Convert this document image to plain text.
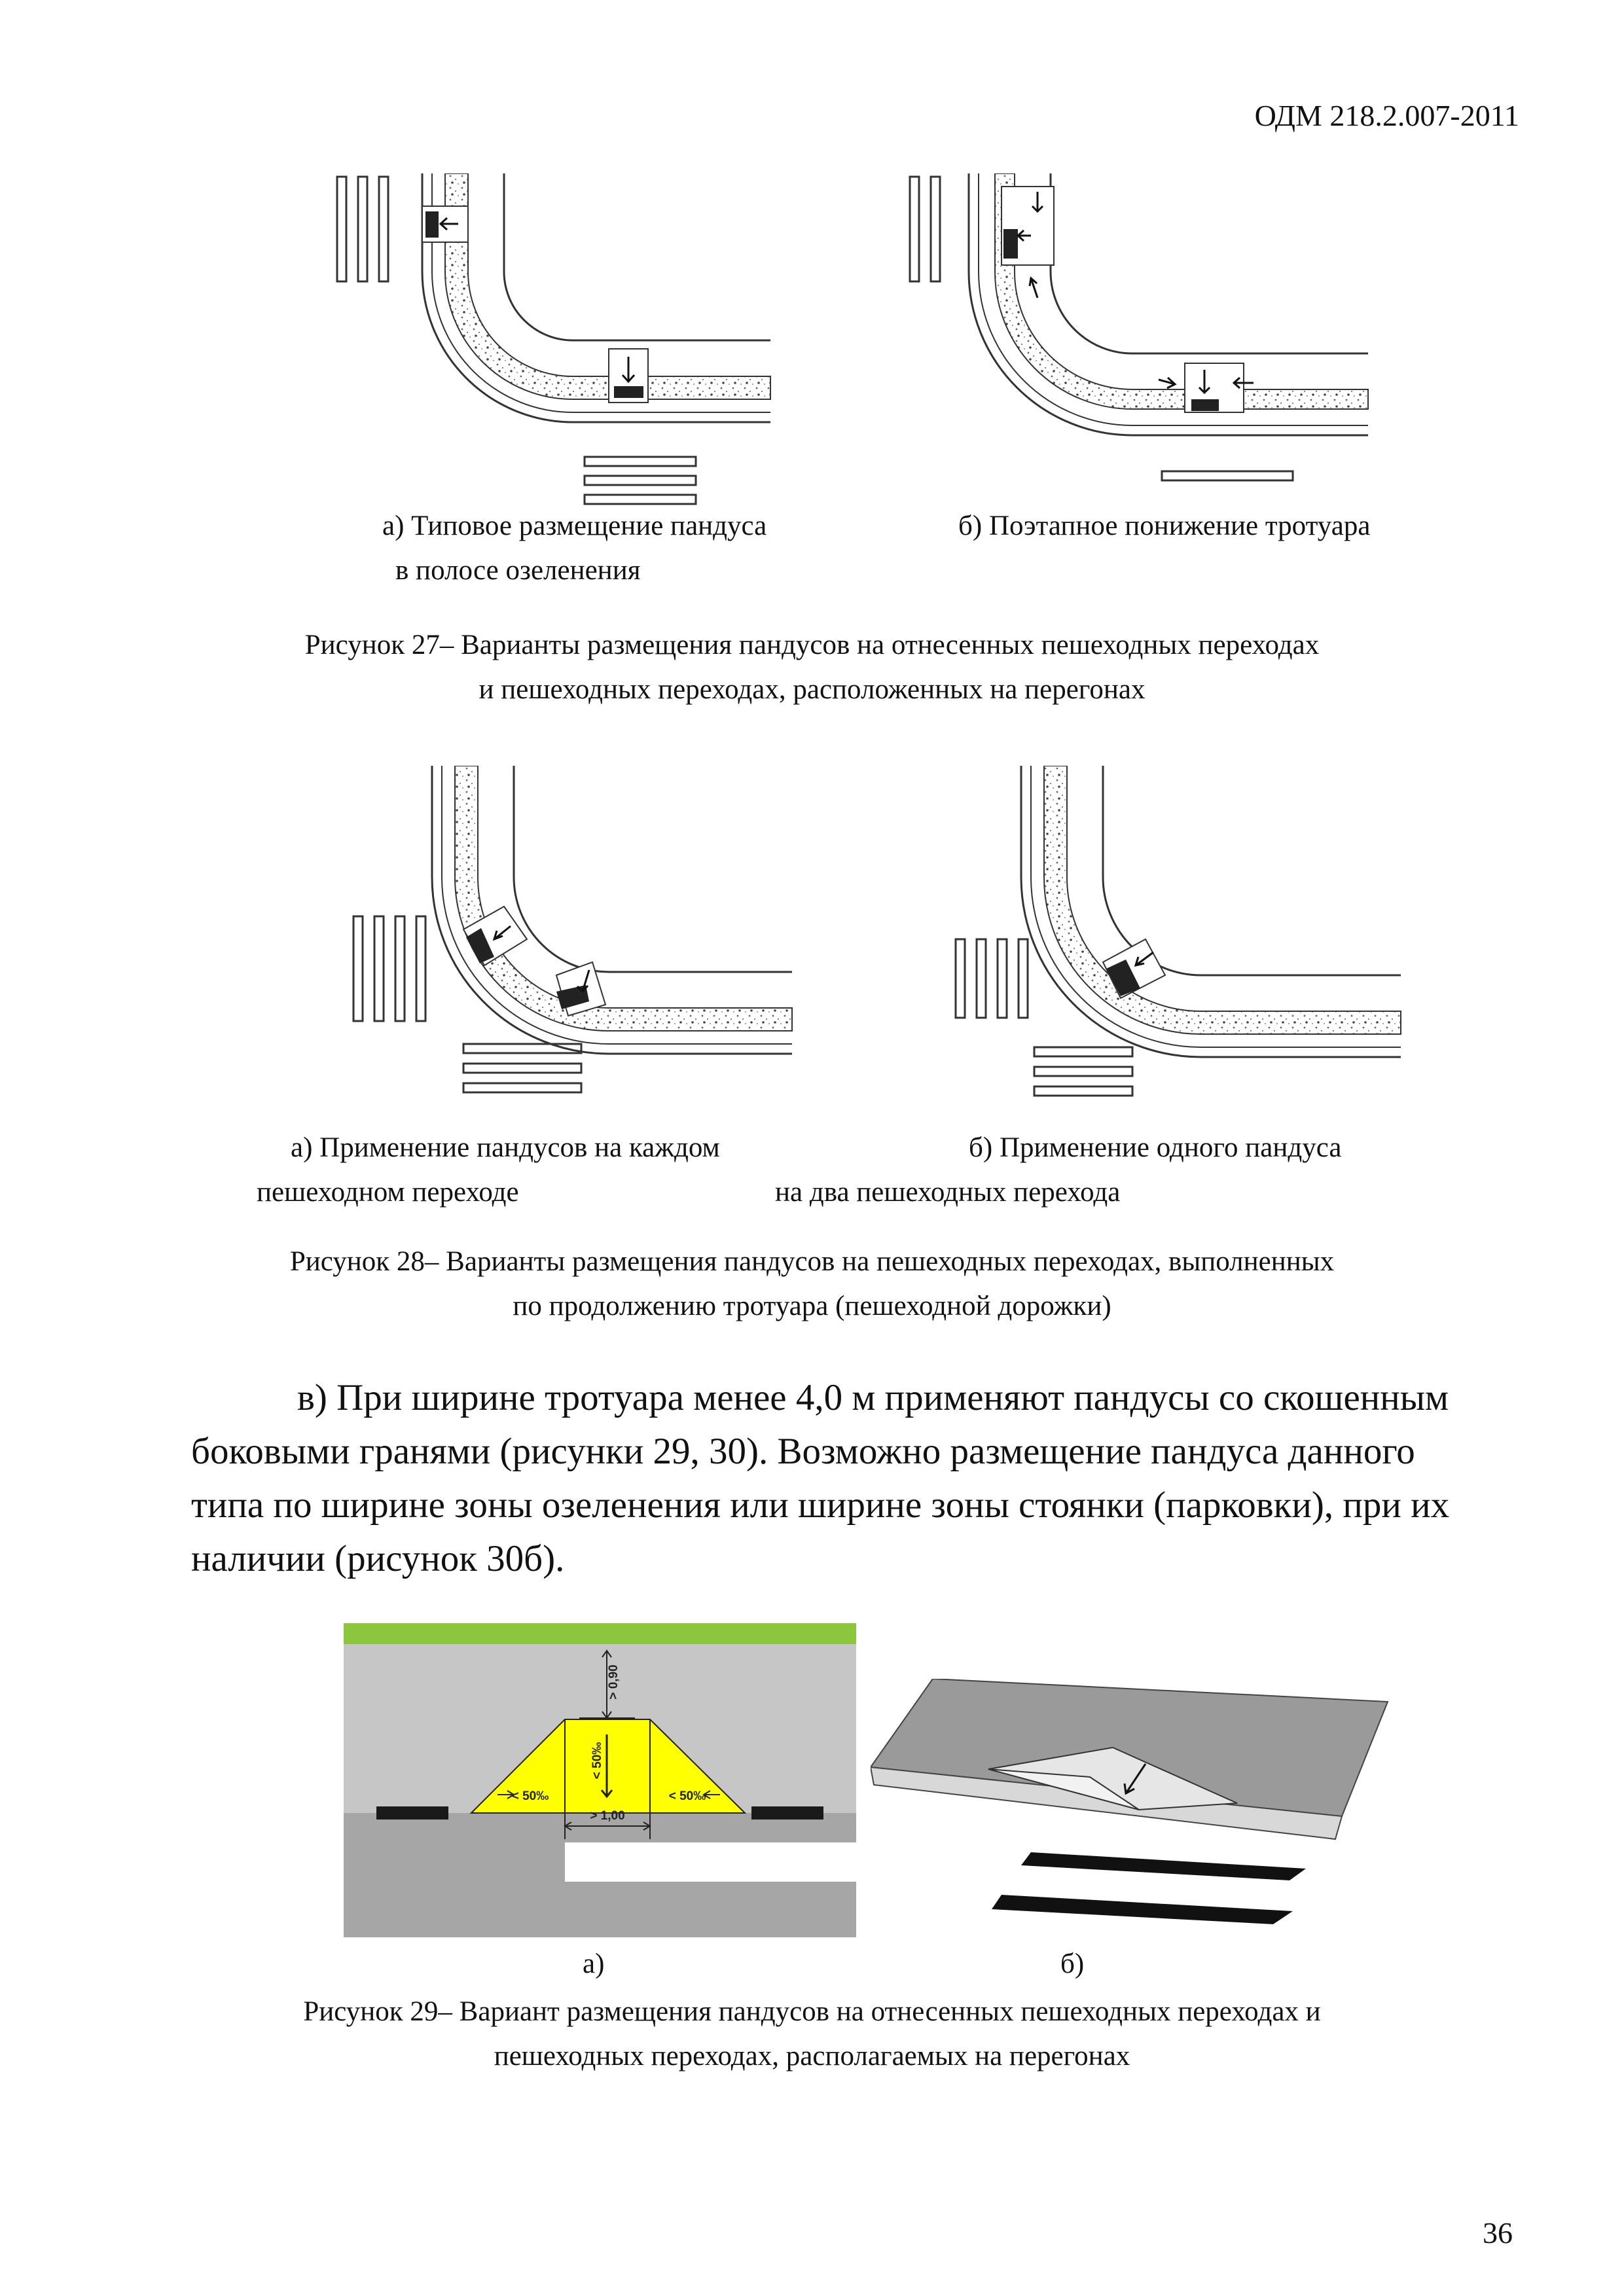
ОДМ 218.2.007-2011
а) Типовое размещение пандуса
в полосе озеленения
б) Поэтапное понижение тротуара
Рисунок 27– Варианты размещения пандусов на отнесенных пешеходных переходах
и пешеходных переходах, расположенных на перегонах
а) Применение пандусов на каждом
пешеходном переходе
б) Применение одного пандуса
на два пешеходных перехода
Рисунок 28– Варианты размещения пандусов на пешеходных переходах, выполненных
по продолжению тротуара (пешеходной дорожки)
в) При ширине тротуара менее 4,0 м применяют пандусы со скошенным
боковыми гранями (рисунки 29, 30). Возможно размещение пандуса данного
типа по ширине зоны озеленения или ширине зоны стоянки (парковки), при их
наличии (рисунок 30б).
> 0,90
< 50‰
< 50‰	< 50‰
> 1,00
а)	б)
Рисунок 29– Вариант размещения пандусов на отнесенных пешеходных переходах и
пешеходных переходах, располагаемых на перегонах
36
